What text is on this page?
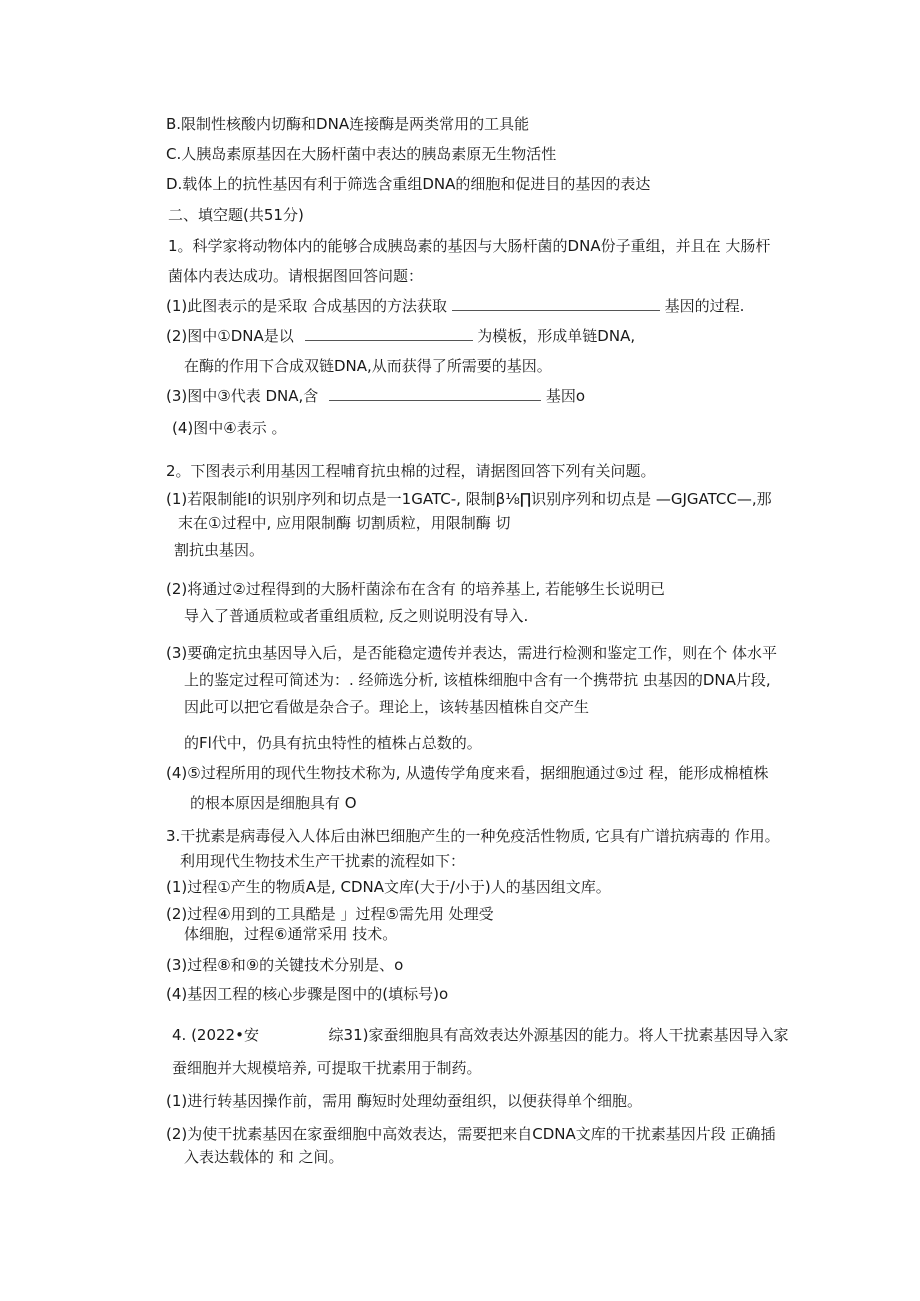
B.限制性核酸内切酶和DNA连接酶是两类常用的工具能
C.人胰岛素原基因在大肠杆菌中表达的胰岛素原无生物活性
D.载体上的抗性基因有利于筛选含重组DNA的细胞和促进目的基因的表达
二、填空题(共51分)
1。科学家将动物体内的能够合成胰岛素的基因与大肠杆菌的DNA份子重组，并且在 大肠杆
菌体内表达成功。请根据图回答问题：
(1)此图表示的是采取 合成基因的方法获取	基因的过程.
(2)图中①DNA是以	为模板，形成单链DNA,
在酶的作用下合成双链DNA,从而获得了所需要的基因。
(3)图中③代表 DNA,含	基因o
(4)图中④表示 。
2。下图表示利用基因工程哺育抗虫棉的过程，请据图回答下列有关问题。
(1)若限制能I的识别序列和切点是一1GATC-, 限制β⅛∏识别序列和切点是 —GJGATCC—,那
末在①过程中, 应用限制酶 切割质粒，用限制酶 切
割抗虫基因。
(2)将通过②过程得到的大肠杆菌涂布在含有 的培养基上, 若能够生长说明已
导入了普通质粒或者重组质粒, 反之则说明没有导入.
(3)要确定抗虫基因导入后，是否能稳定遗传并表达，需进行检测和鉴定工作，则在个 体水平
上的鉴定过程可简述为：. 经筛选分析, 该植株细胞中含有一个携带抗 虫基因的DNA片段,
因此可以把它看做是杂合子。理论上，该转基因植株自交产生
的Fl代中，仍具有抗虫特性的植株占总数的。
(4)⑤过程所用的现代生物技术称为, 从遗传学角度来看，据细胞通过⑤过 程，能形成棉植株
的根本原因是细胞具有 O
3.干扰素是病毒侵入人体后由淋巴细胞产生的一种免疫活性物质, 它具有广谱抗病毒的 作用。
利用现代生物技术生产干扰素的流程如下：
(1)过程①产生的物质A是, CDNA文库(大于/小于)人的基因组文库。
(2)过程④用到的工具酷是 」过程⑤需先用 处理受
体细胞，过程⑥通常采用 技术。
(3)过程⑧和⑨的关键技术分别是、o
(4)基因工程的核心步骤是图中的(填标号)o
4. (2022•安	综31)家蚕细胞具有高效表达外源基因的能力。将人干扰素基因导入家
蚕细胞并大规模培养, 可提取干扰素用于制药。
(1)进行转基因操作前，需用 酶短时处理幼蚕组织，以便获得单个细胞。
(2)为使干扰素基因在家蚕细胞中高效表达，需要把来自CDNA文库的干扰素基因片段 正确插
入表达载体的 和 之间。
